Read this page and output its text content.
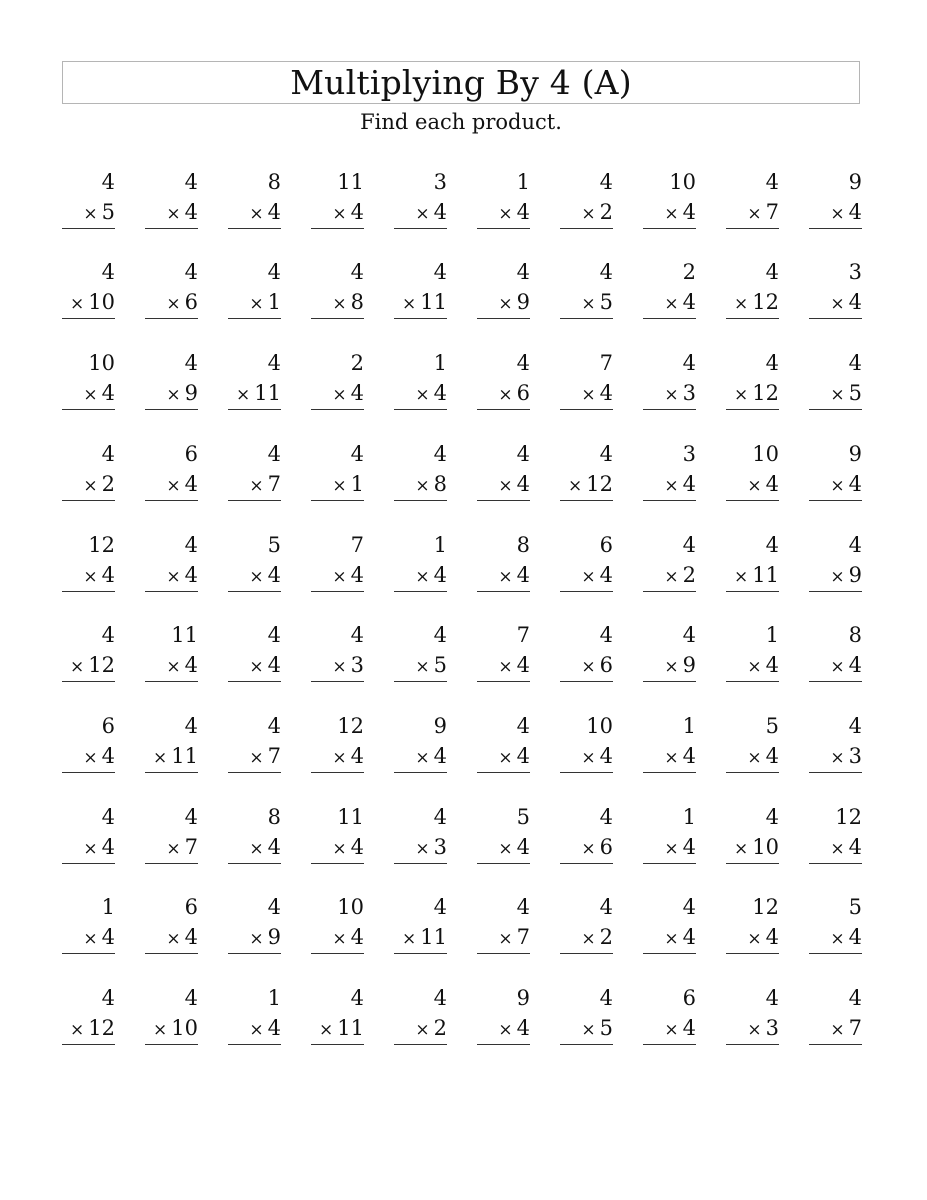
Multiplying By 4 (A)
Find each product.
4
× 5
4
× 4
8
× 4
11
× 4
3
× 4
1
× 4
4
× 2
10
× 4
4
× 7
9
× 4
4
× 10
4
× 6
4
× 1
4
× 8
4
× 11
4
× 9
4
× 5
2
× 4
4
× 12
3
× 4
10
× 4
4
× 9
4
× 11
2
× 4
1
× 4
4
× 6
7
× 4
4
× 3
4
× 12
4
× 5
4
× 2
6
× 4
4
× 7
4
× 1
4
× 8
4
× 4
4
× 12
3
× 4
10
× 4
9
× 4
12
× 4
4
× 4
5
× 4
7
× 4
1
× 4
8
× 4
6
× 4
4
× 2
4
× 11
4
× 9
4
× 12
11
× 4
4
× 4
4
× 3
4
× 5
7
× 4
4
× 6
4
× 9
1
× 4
8
× 4
6
× 4
4
× 11
4
× 7
12
× 4
9
× 4
4
× 4
10
× 4
1
× 4
5
× 4
4
× 3
4
× 4
4
× 7
8
× 4
11
× 4
4
× 3
5
× 4
4
× 6
1
× 4
4
× 10
12
× 4
1
× 4
6
× 4
4
× 9
10
× 4
4
× 11
4
× 7
4
× 2
4
× 4
12
× 4
5
× 4
4
× 12
4
× 10
1
× 4
4
× 11
4
× 2
9
× 4
4
× 5
6
× 4
4
× 3
4
× 7
